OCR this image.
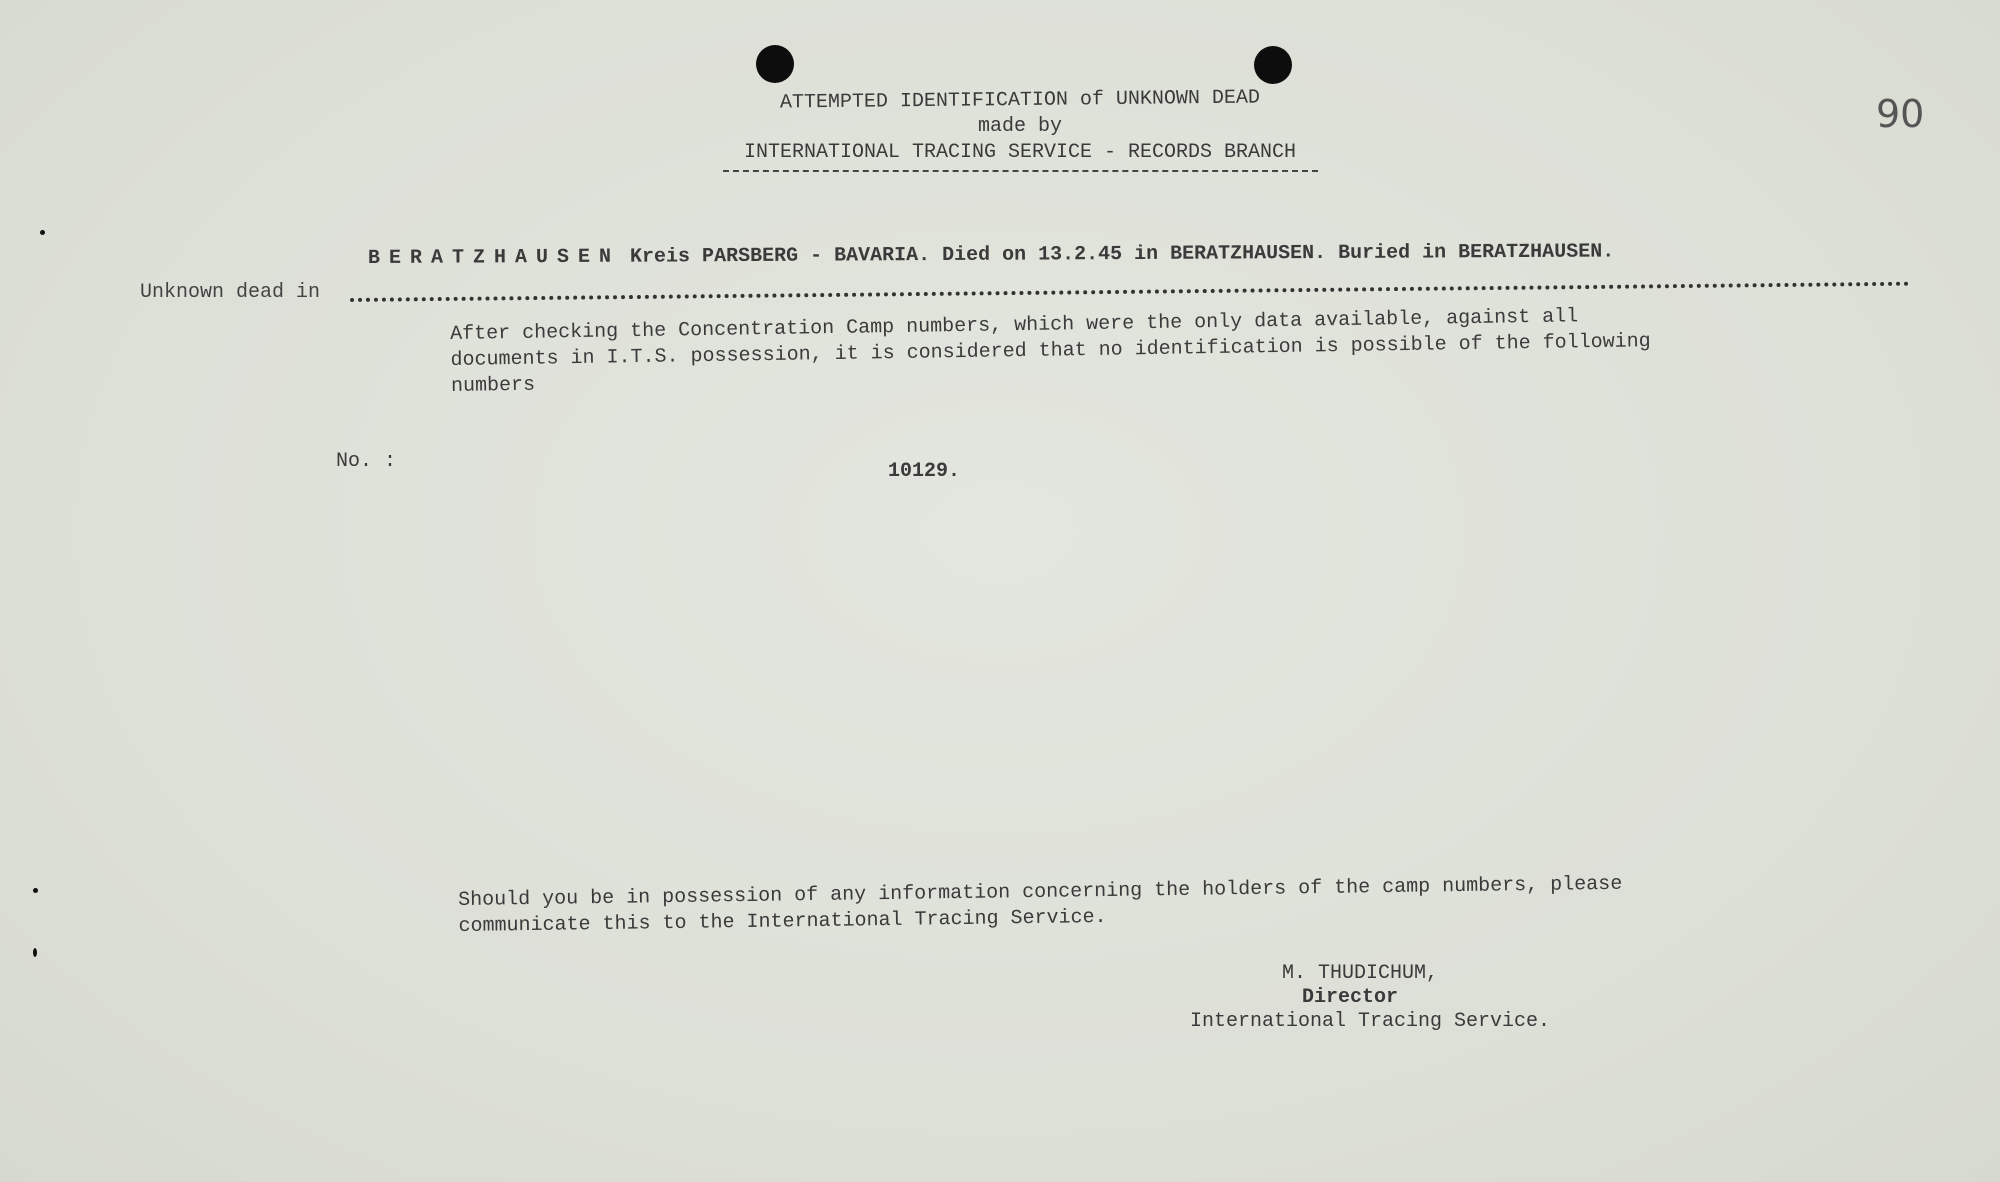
ATTEMPTED IDENTIFICATION of UNKNOWN DEAD
made by
INTERNATIONAL TRACING SERVICE - RECORDS BRANCH
90
Unknown dead in
BERATZHAUSEN Kreis PARSBERG - BAVARIA. Died on 13.2.45 in BERATZHAUSEN. Buried in BERATZHAUSEN.
After checking the Concentration Camp numbers, which were the only data available, against all documents in I.T.S. possession, it is considered that no identification is possible of the following numbers
No. :	10129.
Should you be in possession of any information concerning the holders of the camp numbers, please communicate this to the International Tracing Service.
M. THUDICHUM,
Director
International Tracing Service.
